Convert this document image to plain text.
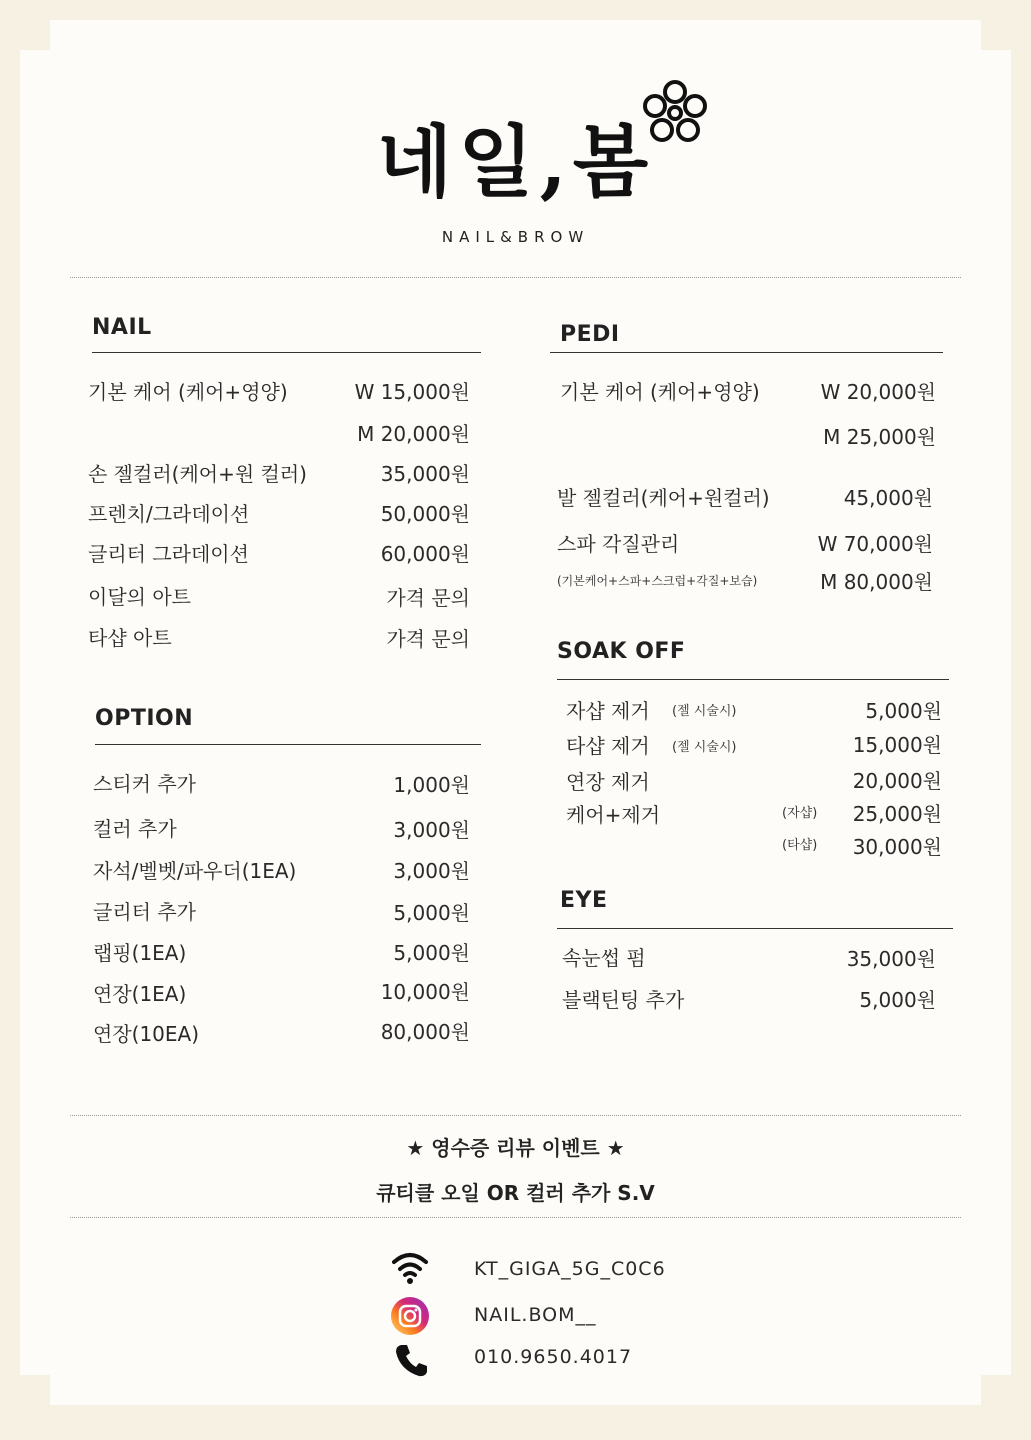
네일,봄
NAIL&BROW
NAIL
기본 케어 (케어+영양)	W 15,000원
M 20,000원
손 젤컬러(케어+원 컬러)	35,000원
프렌치/그라데이션	50,000원
글리터 그라데이션	60,000원
이달의 아트	가격 문의
타샵 아트	가격 문의
OPTION
스티커 추가	1,000원
컬러 추가	3,000원
자석/벨벳/파우더(1EA)	3,000원
글리터 추가	5,000원
랩핑(1EA)	5,000원
연장(1EA)	10,000원
연장(10EA)	80,000원
PEDI
기본 케어 (케어+영양)	W 20,000원
M 25,000원
발 젤컬러(케어+원컬러)	45,000원
스파 각질관리	W 70,000원
(기본케어+스파+스크럽+각질+보습)	M 80,000원
SOAK OFF
자샵 제거 (젤 시술시)	5,000원
타샵 제거 (젤 시술시)	15,000원
연장 제거	20,000원
케어+제거	(자샵) 25,000원
(타샵) 30,000원
EYE
속눈썹 펌	35,000원
블랙틴팅 추가	5,000원
★ 영수증 리뷰 이벤트 ★
큐티클 오일 OR 컬러 추가 S.V
KT_GIGA_5G_C0C6
NAIL.BOM__
010.9650.4017
